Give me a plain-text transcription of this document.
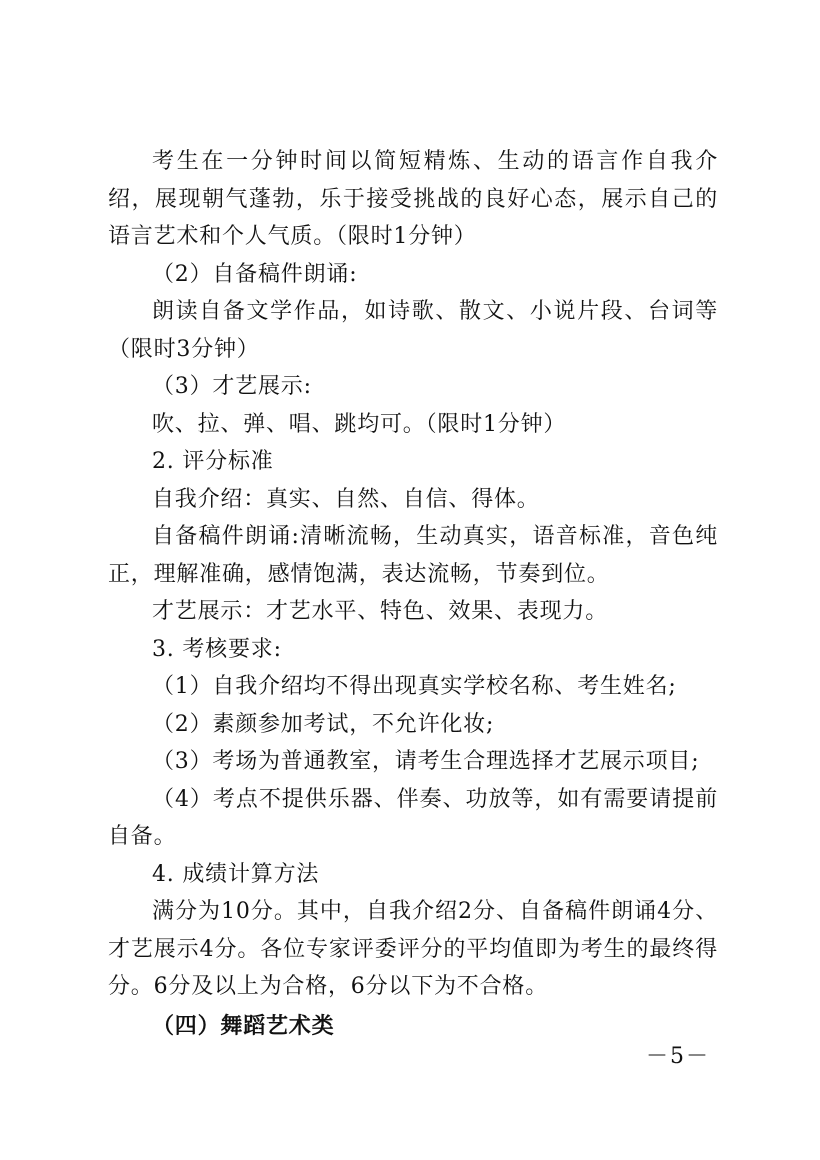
考生在一分钟时间以简短精炼、生动的语言作自我介绍，展现朝气蓬勃，乐于接受挑战的良好心态，展示自己的语言艺术和个人气质。（限时1分钟）

（2）自备稿件朗诵:

朗读自备文学作品，如诗歌、散文、小说片段、台词等（限时3分钟）

（3）才艺展示:

吹、拉、弹、唱、跳均可。（限时1分钟）

2. 评分标准

自我介绍：真实、自然、自信、得体。

自备稿件朗诵:清晰流畅，生动真实，语音标准，音色纯正，理解准确，感情饱满，表达流畅，节奏到位。

才艺展示：才艺水平、特色、效果、表现力。

3. 考核要求:

（1）自我介绍均不得出现真实学校名称、考生姓名;

（2）素颜参加考试，不允许化妆;

（3）考场为普通教室，请考生合理选择才艺展示项目;

（4）考点不提供乐器、伴奏、功放等，如有需要请提前自备。

4. 成绩计算方法

满分为10分。其中，自我介绍2分、自备稿件朗诵4分、才艺展示4分。各位专家评委评分的平均值即为考生的最终得分。6分及以上为合格，6分以下为不合格。

（四）舞蹈艺术类

－5－
